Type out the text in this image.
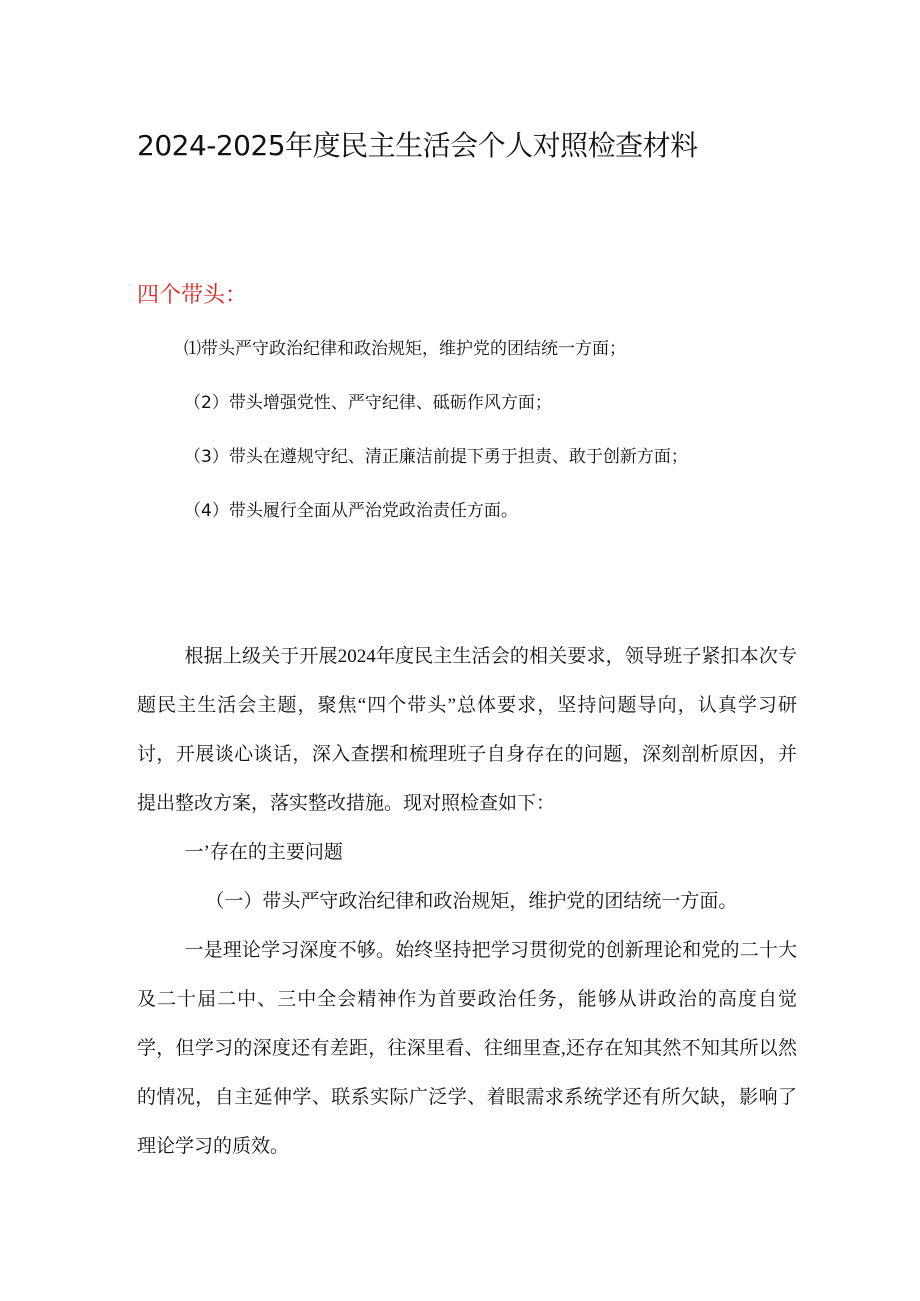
2024-2025年度民主生活会个人对照检查材料
四个带头：
⑴带头严守政治纪律和政治规矩，维护党的团结统一方面；
（2）带头增强党性、严守纪律、砥砺作风方面；
（3）带头在遵规守纪、清正廉洁前提下勇于担责、敢于创新方面；
（4）带头履行全面从严治党政治责任方面。

根据上级关于开展2024年度民主生活会的相关要求，领导班子紧扣本次专题民主生活会主题，聚焦“四个带头”总体要求，坚持问题导向，认真学习研讨，开展谈心谈话，深入查摆和梳理班子自身存在的问题，深刻剖析原因，并提出整改方案，落实整改措施。现对照检查如下：

一’存在的主要问题

（一）带头严守政治纪律和政治规矩，维护党的团结统一方面。

一是理论学习深度不够。始终坚持把学习贯彻党的创新理论和党的二十大及二十届二中、三中全会精神作为首要政治任务，能够从讲政治的高度自觉学，但学习的深度还有差距，往深里看、往细里查,还存在知其然不知其所以然的情况，自主延伸学、联系实际广泛学、着眼需求系统学还有所欠缺，影响了理论学习的质效。
